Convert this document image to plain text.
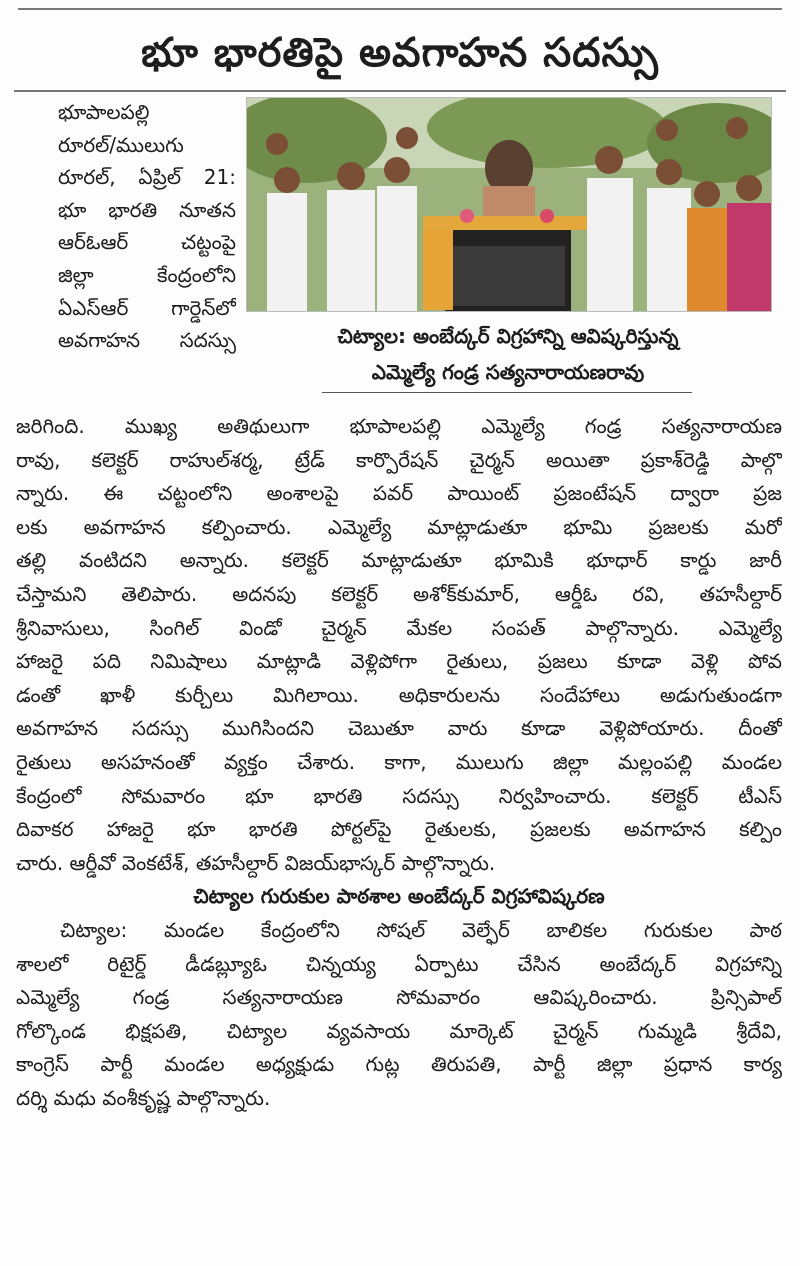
భూ భారతిపై అవగాహన సదస్సు
భూపాలపల్లి
రూరల్/ములుగు
రూరల్, ఏప్రిల్ 21:
భూ భారతి నూతన
ఆర్ఓఆర్ చట్టంపై
జిల్లా కేంద్రంలోని
ఏఎస్ఆర్ గార్డెన్‌లో
అవగాహన సదస్సు	చిట్యాల: అంబేద్కర్ విగ్రహాన్ని ఆవిష్కరిస్తున్న
ఎమ్మెల్యే గండ్ర సత్యనారాయణరావు
జరిగింది. ముఖ్య అతిథులుగా భూపాలపల్లి ఎమ్మెల్యే గండ్ర సత్యనారాయణ
రావు, కలెక్టర్ రాహుల్‌శర్మ, ట్రేడ్ కార్పొరేషన్ చైర్మన్ అయితా ప్రకాశ్‌రెడ్డి పాల్గొ
న్నారు. ఈ చట్టంలోని అంశాలపై పవర్ పాయింట్ ప్రజంటేషన్ ద్వారా ప్రజ
లకు అవగాహన కల్పించారు. ఎమ్మెల్యే మాట్లాడుతూ భూమి ప్రజలకు మరో
తల్లి వంటిదని అన్నారు. కలెక్టర్ మాట్లాడుతూ భూమికి భూధార్ కార్డు జారీ
చేస్తామని తెలిపారు. అదనపు కలెక్టర్ అశోక్‌కుమార్, ఆర్డీఓ రవి, తహసీల్దార్
శ్రీనివాసులు, సింగిల్ విండో చైర్మన్ మేకల సంపత్ పాల్గొన్నారు. ఎమ్మెల్యే
హాజరై పది నిమిషాలు మాట్లాడి వెళ్లిపోగా రైతులు, ప్రజలు కూడా వెళ్లి పోవ
డంతో ఖాళీ కుర్చీలు మిగిలాయి. అధికారులను సందేహాలు అడుగుతుండగా
అవగాహన సదస్సు ముగిసిందని చెబుతూ వారు కూడా వెళ్లిపోయారు. దీంతో
రైతులు అసహనంతో వ్యక్తం చేశారు. కాగా, ములుగు జిల్లా మల్లంపల్లి మండల
కేంద్రంలో సోమవారం భూ భారతి సదస్సు నిర్వహించారు. కలెక్టర్ టీఎస్
దివాకర హాజరై భూ భారతి పోర్టల్‌పై రైతులకు, ప్రజలకు అవగాహన కల్పిం
చారు. ఆర్డీవో వెంకటేశ్, తహసీల్దార్ విజయ్‌భాస్కర్ పాల్గొన్నారు.
చిట్యాల గురుకుల పాఠశాల అంబేద్కర్ విగ్రహావిష్కరణ
చిట్యాల: మండల కేంద్రంలోని సోషల్ వెల్ఫేర్ బాలికల గురుకుల పాఠ
శాలలో రిటైర్డ్ డీడబ్ల్యూఓ చిన్నయ్య ఏర్పాటు చేసిన అంబేద్కర్ విగ్రహాన్ని
ఎమ్మెల్యే గండ్ర సత్యనారాయణ సోమవారం ఆవిష్కరించారు. ప్రిన్సిపాల్
గోల్కొండ భిక్షపతి, చిట్యాల వ్యవసాయ మార్కెట్ చైర్మన్ గుమ్మడి శ్రీదేవి,
కాంగ్రెస్ పార్టీ మండల అధ్యక్షుడు గుట్ల తిరుపతి, పార్టీ జిల్లా ప్రధాన కార్య
దర్శి మధు వంశీకృష్ణ పాల్గొన్నారు.
